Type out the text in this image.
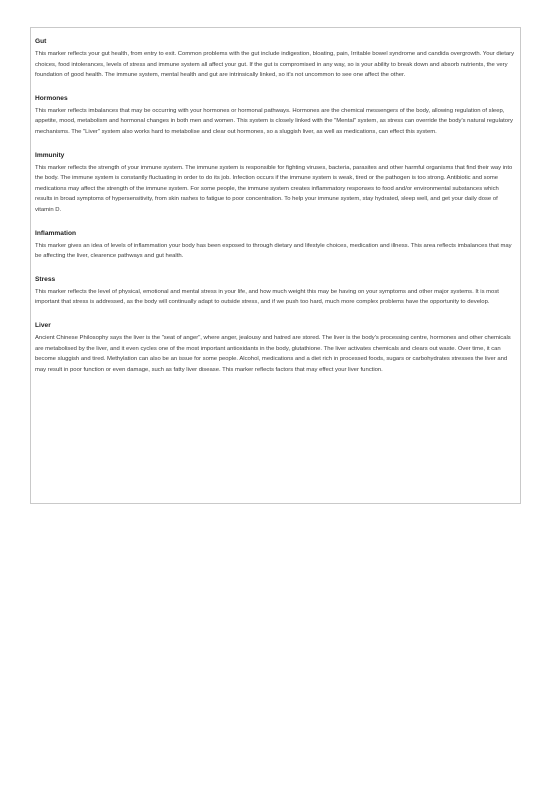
Gut

This marker reflects your gut health, from entry to exit. Common problems with the gut include indigestion, bloating, pain, Irritable bowel syndrome and candida overgrowth. Your dietary choices, food intolerances, levels of stress and immune system all affect your gut. If the gut is compromised in any way, so is your ability to break down and absorb nutrients, the very foundation of good health. The immune system, mental health and gut are intrinsically linked, so it's not uncommon to see one affect the other.

Hormones

This marker reflects imbalances that may be occurring with your hormones or hormonal pathways. Hormones are the chemical messengers of the body, allowing regulation of sleep, appetite, mood, metabolism and hormonal changes in both men and women. This system is closely linked with the "Mental" system, as stress can override the body's natural regulatory mechanisms. The "Liver" system also works hard to metabolise and clear out hormones, so a sluggish liver, as well as medications, can effect this system.

Immunity

This marker reflects the strength of your immune system. The immune system is responsible for fighting viruses, bacteria, parasites and other harmful organisms that find their way into the body. The immune system is constantly fluctuating in order to do its job. Infection occurs if the immune system is weak, tired or the pathogen is too strong. Antibiotic and some medications may affect the strength of the immune system. For some people, the immune system creates inflammatory responses to food and/or environmental substances which results in broad symptoms of hypersensitivity, from skin rashes to fatigue to poor concentration. To help your immune system, stay hydrated, sleep well, and get your daily dose of vitamin D.

Inflammation

This marker gives an idea of levels of inflammation your body has been exposed to through dietary and lifestyle choices, medication and illness. This area reflects imbalances that may be affecting the liver, clearence pathways and gut health.

Stress

This marker reflects the level of physical, emotional and mental stress in your life, and how much weight this may be having on your symptoms and other major systems. It is most important that stress is addressed, as the body will continually adapt to outside stress, and if we push too hard, much more complex problems have the opportunity to develop.

Liver

Ancient Chinese Philosophy says the liver is the "seat of anger", where anger, jealousy and hatred are stored. The liver is the body's processing centre, hormones and other chemicals are metabolised by the liver, and it even cycles one of the most important antioxidants in the body, glutathione. The liver activates chemicals and clears out waste. Over time, it can become sluggish and tired. Methylation can also be an issue for some people. Alcohol, medications and a diet rich in processed foods, sugars or carbohydrates stresses the liver and may result in poor function or even damage, such as fatty liver disease. This marker reflects factors that may effect your liver function.
